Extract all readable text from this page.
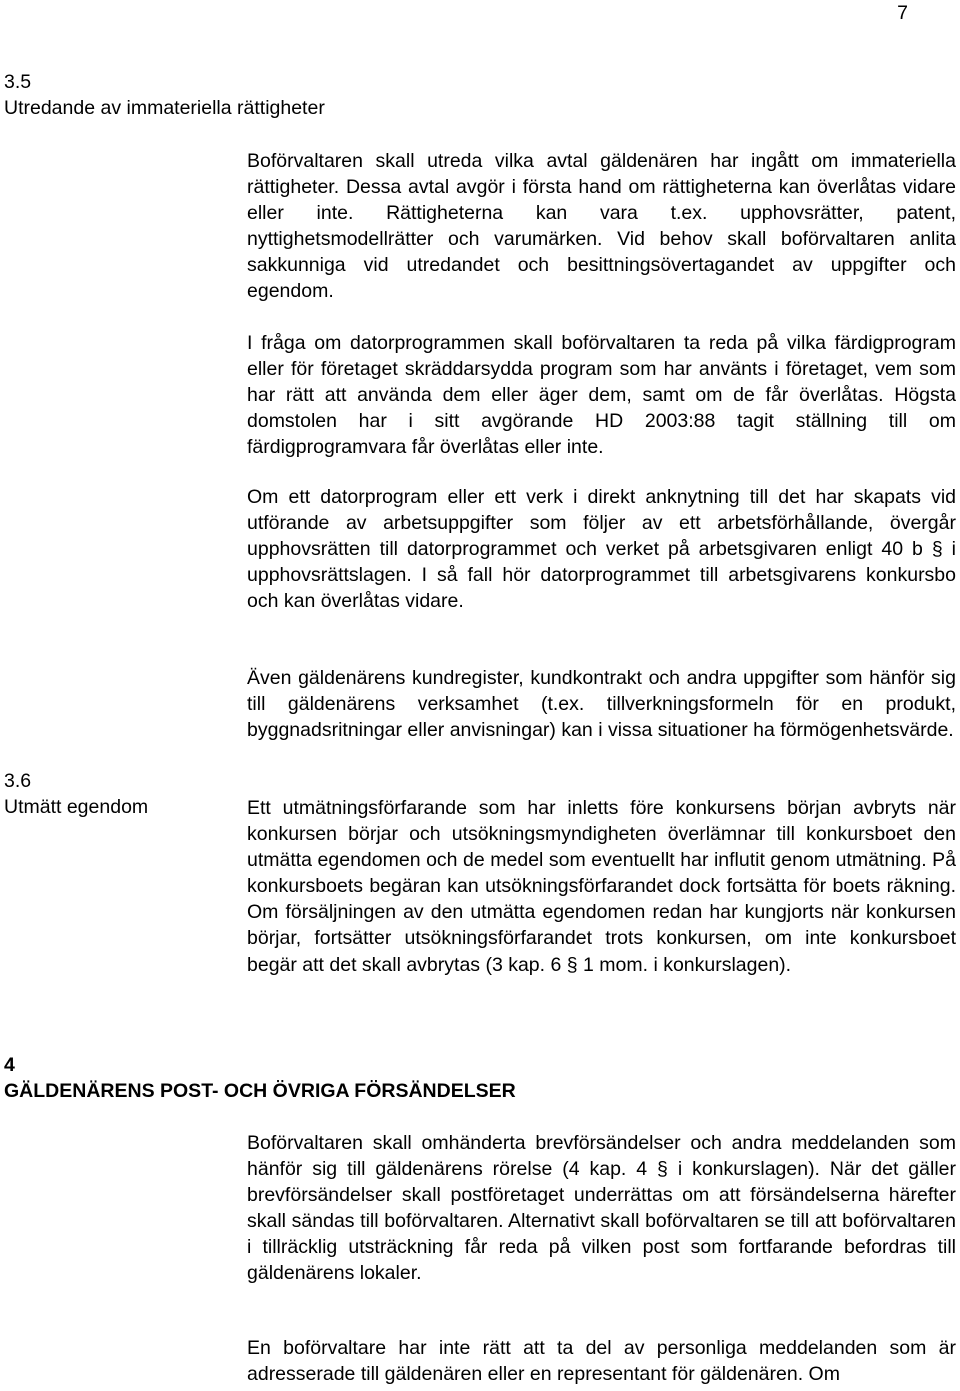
7
3.5
Utredande av immateriella rättigheter
Boförvaltaren skall utreda vilka avtal gäldenären har ingått om immateriella rättigheter. Dessa avtal avgör i första hand om rättigheterna kan överlåtas vidare eller inte. Rättigheterna kan vara t.ex. upphovsrätter, patent, nyttighetsmodellrätter och varumärken. Vid behov skall boförvaltaren anlita sakkunniga vid utredandet och besittningsövertagandet av uppgifter och egendom.
I fråga om datorprogrammen skall boförvaltaren ta reda på vilka färdigprogram eller för företaget skräddarsydda program som har använts i företaget, vem som har rätt att använda dem eller äger dem, samt om de får överlåtas. Högsta domstolen har i sitt avgörande HD 2003:88 tagit ställning till om färdigprogramvara får överlåtas eller inte.
Om ett datorprogram eller ett verk i direkt anknytning till det har skapats vid utförande av arbetsuppgifter som följer av ett arbetsförhållande, övergår upphovsrätten till datorprogrammet och verket på arbetsgivaren enligt 40 b § i upphovsrättslagen. I så fall hör datorprogrammet till arbetsgivarens konkursbo och kan överlåtas vidare.
Även gäldenärens kundregister, kundkontrakt och andra uppgifter som hänför sig till gäldenärens verksamhet (t.ex. tillverkningsformeln för en produkt, byggnadsritningar eller anvisningar) kan i vissa situationer ha förmögenhetsvärde.
3.6
Utmätt egendom	Ett utmätningsförfarande som har inletts före konkursens början avbryts när konkursen börjar och utsökningsmyndigheten överlämnar till konkursboet den utmätta egendomen och de medel som eventuellt har influtit genom utmätning. På konkursboets begäran kan utsökningsförfarandet dock fortsätta för boets räkning. Om försäljningen av den utmätta egendomen redan har kungjorts när konkursen börjar, fortsätter utsökningsförfarandet trots konkursen, om inte konkursboet begär att det skall avbrytas (3 kap. 6 § 1 mom. i konkurslagen).
4
GÄLDENÄRENS POST- OCH ÖVRIGA FÖRSÄNDELSER
Boförvaltaren skall omhänderta brevförsändelser och andra meddelanden som hänför sig till gäldenärens rörelse (4 kap. 4 § i konkurslagen). När det gäller brevförsändelser skall postföretaget underrättas om att försändelserna härefter skall sändas till boförvaltaren. Alternativt skall boförvaltaren se till att boförvaltaren i tillräcklig utsträckning får reda på vilken post som fortfarande befordras till gäldenärens lokaler.
En boförvaltare har inte rätt att ta del av personliga meddelanden som är adresserade till gäldenären eller en representant för gäldenären. Om
